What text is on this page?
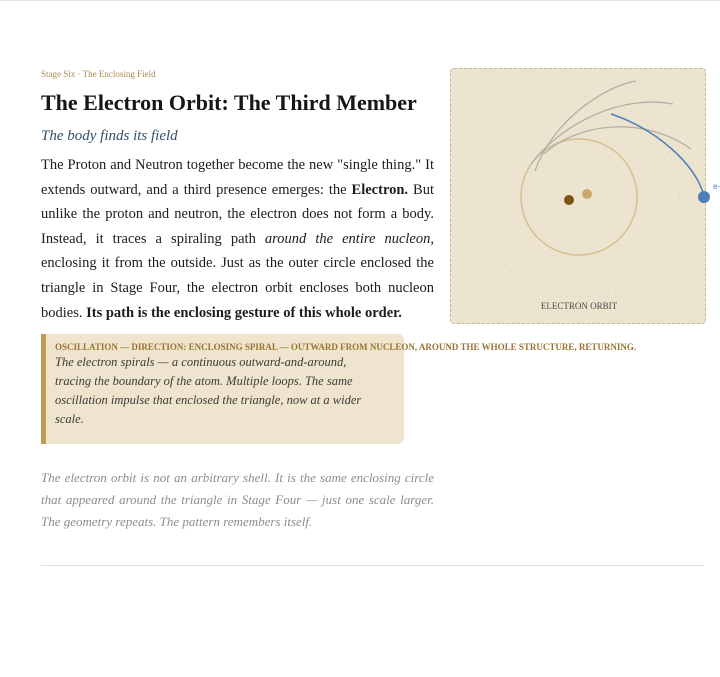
Stage Six · The Enclosing Field
The Electron Orbit: The Third Member
The body finds its field

The Proton and Neutron together become the new "single thing." It extends outward, and a third presence emerges: the Electron. But unlike the proton and neutron, the electron does not form a body. Instead, it traces a spiraling path around the entire nucleon, enclosing it from the outside. Just as the outer circle enclosed the triangle in Stage Four, the electron orbit encloses both nucleon bodies. Its path is the enclosing gesture of this whole order.

e-
ELECTRON ORBIT
OSCILLATION — DIRECTION: ENCLOSING SPIRAL — OUTWARD FROM NUCLEON, AROUND THE WHOLE STRUCTURE, RETURNING.
The electron spirals — a continuous outward-and-around, tracing the boundary of the atom. Multiple loops. The same oscillation impulse that enclosed the triangle, now at a wider scale.

The electron orbit is not an arbitrary shell. It is the same enclosing circle that appeared around the triangle in Stage Four — just one scale larger. The geometry repeats. The pattern remembers itself.
